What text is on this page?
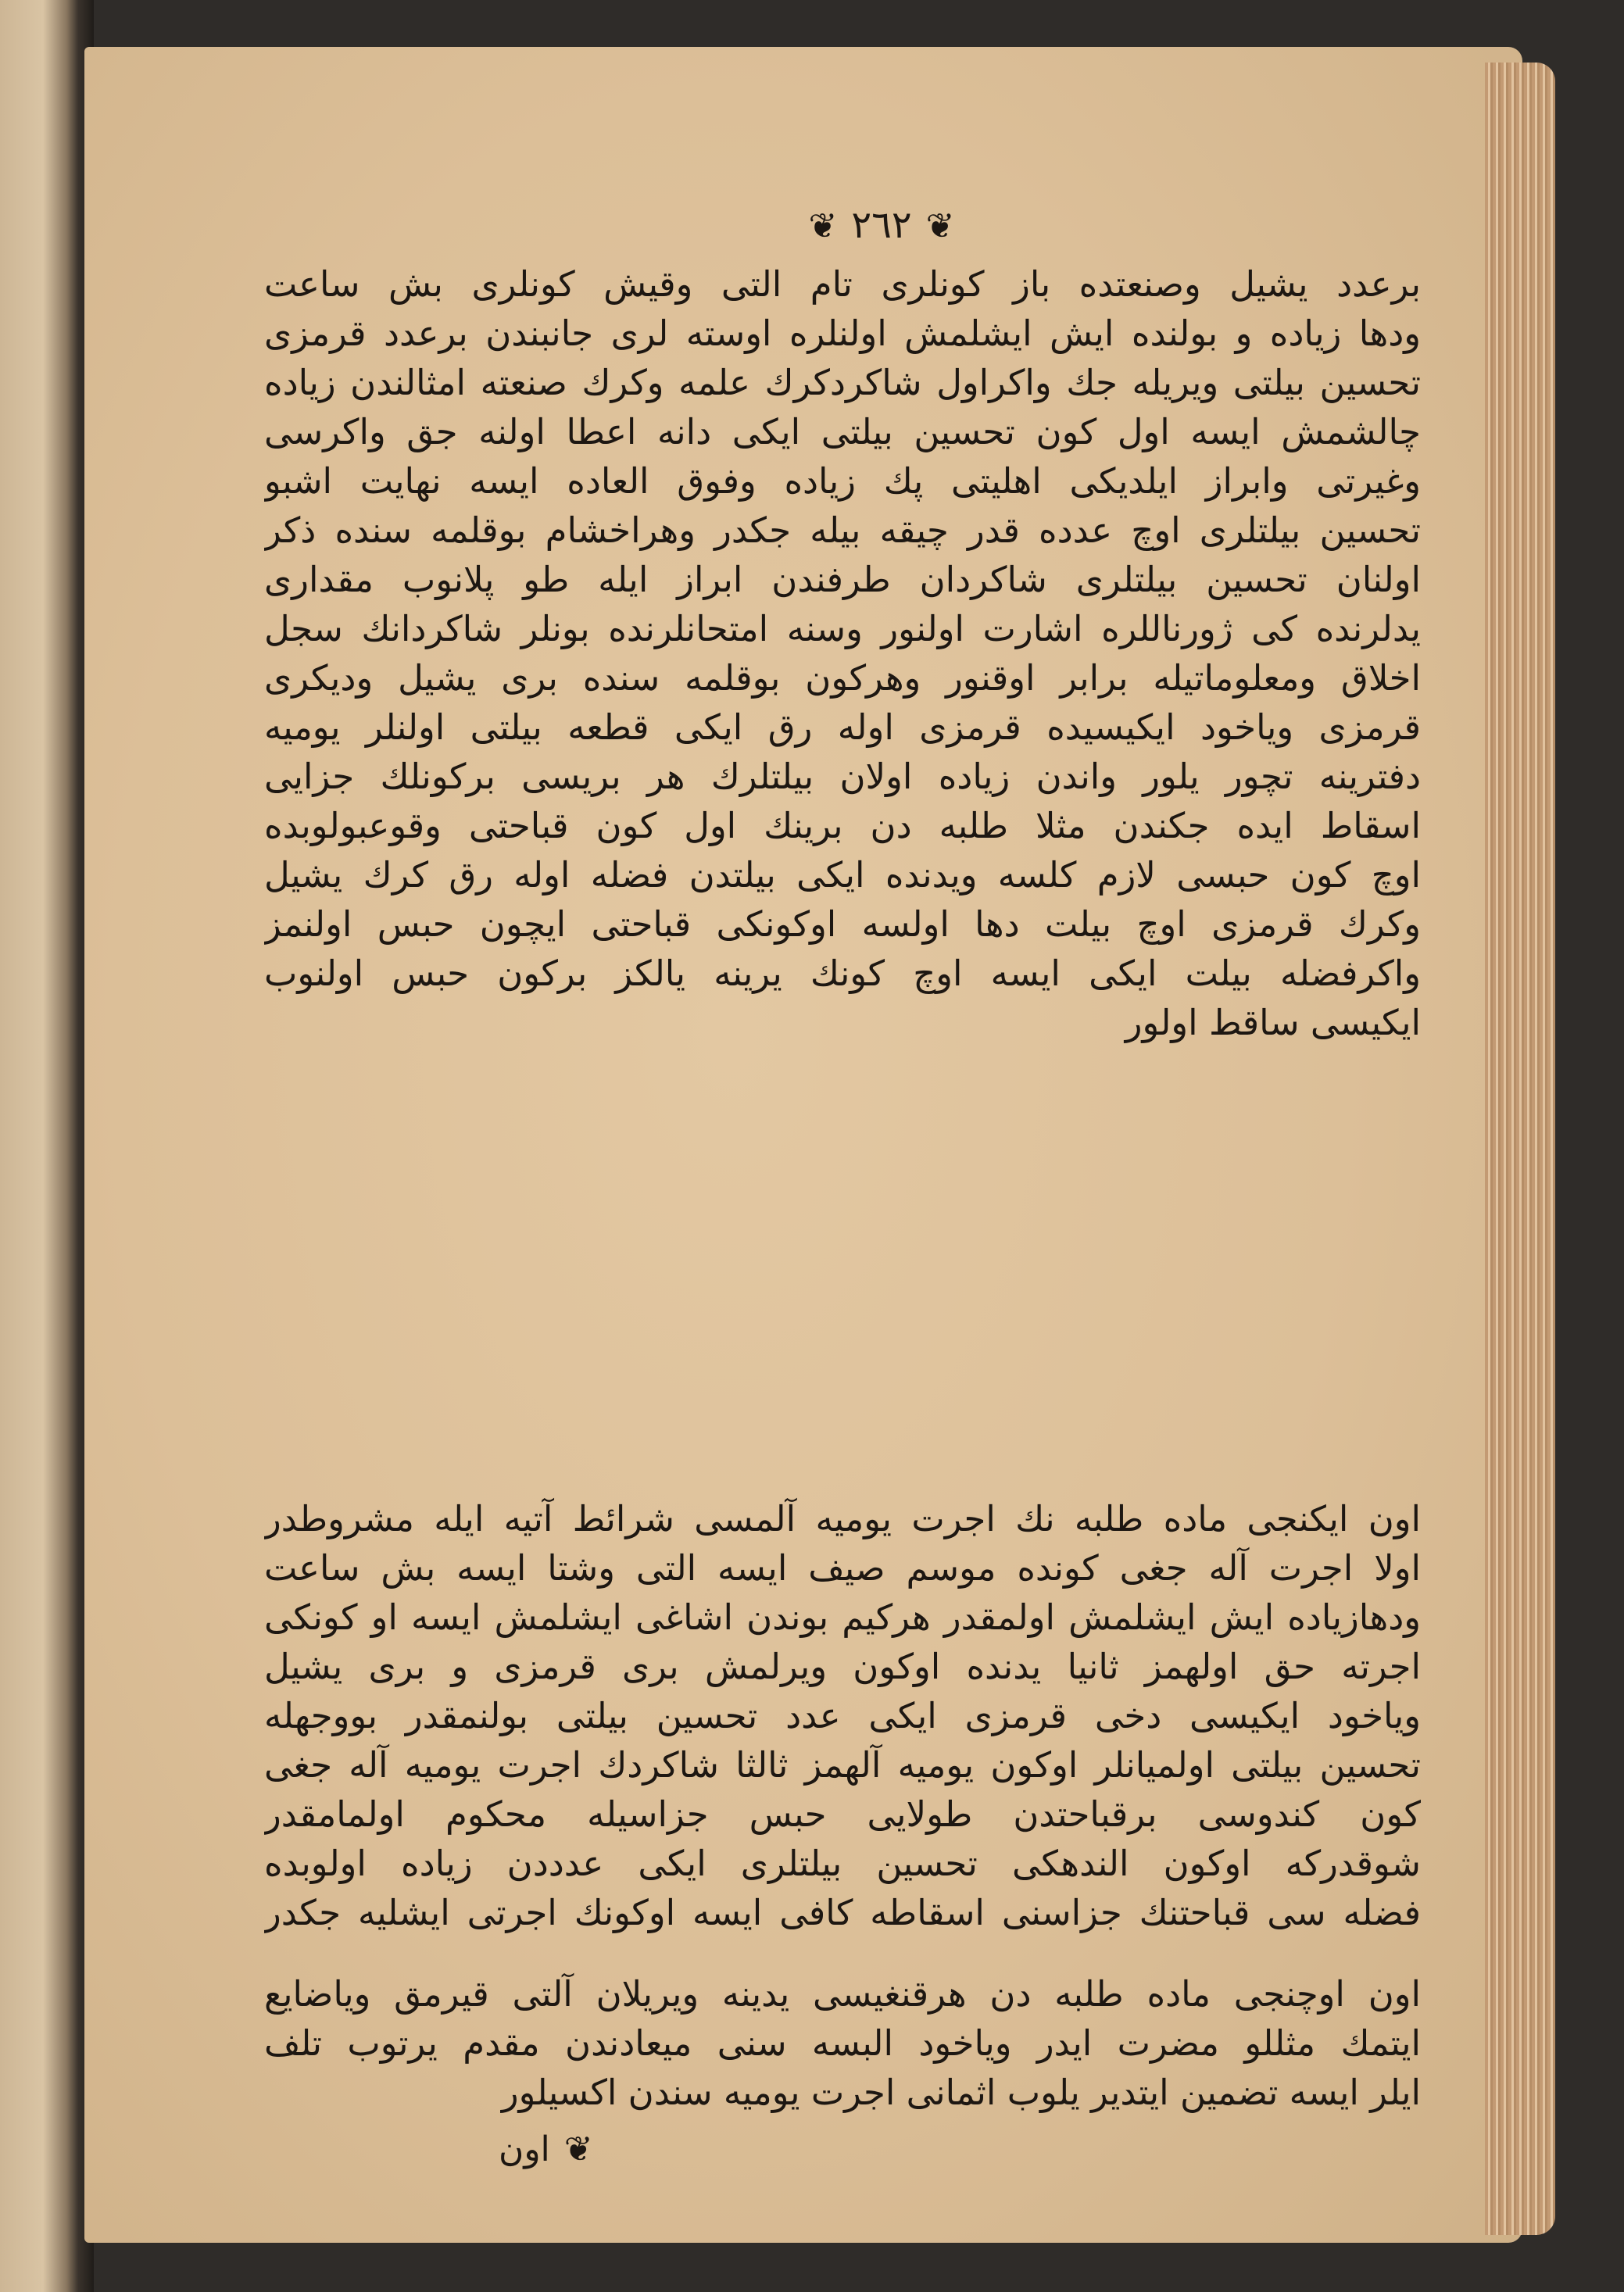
❦٢٦٢❦
برعدد يشيل وصنعتده باز كونلرى تام التى وقيش كونلرى بش ساعت
ودها زياده و بولنده ايش ايشلمش اولنلره اوسته لرى جانبندن برعدد قرمزى
تحسين بيلتى ويريله جك واكراول شاكردكرك علمه وكرك صنعته امثالندن زياده
چالشمش ايسه اول كون تحسين بيلتى ايكى دانه اعطا اولنه جق واكرسى
وغيرتى وابراز ايلديكى اهليتى پك زياده وفوق العاده ايسه نهايت اشبو
تحسين بيلتلرى اوچ عدده قدر چيقه بيله جكدر وهراخشام بوقلمه سنده ذكر
اولنان تحسين بيلتلرى شاكردان طرفندن ابراز ايله طو پلانوب مقدارى
يدلرنده كى ژورناللره اشارت اولنور وسنه امتحانلرنده بونلر شاكردانك سجل
اخلاق ومعلوماتيله برابر اوقنور وهركون بوقلمه سنده برى يشيل وديكرى
قرمزى وياخود ايكيسيده قرمزى اوله رق ايكى قطعه بيلتى اولنلر يوميه
دفترينه تچور يلور واندن زياده اولان بيلتلرك هر بريسى بركونلك جزايى
اسقاط ايده جكندن مثلا طلبه دن برينك اول كون قباحتى وقوعبولوبده
اوچ كون حبسى لازم كلسه ويدنده ايكى بيلتدن فضله اوله رق كرك يشيل
وكرك قرمزى اوچ بيلت دها اولسه اوكونكى قباحتى ايچون حبس اولنمز
واكرفضله بيلت ايكى ايسه اوچ كونك يرينه يالكز بركون حبس اولنوب
ايكيسى ساقط اولور
اون ايكنجى ماده طلبه نك اجرت يوميه آلمسى شرائط آتيه ايله مشروطدر
اولا اجرت آله جغى كونده موسم صيف ايسه التى وشتا ايسه بش ساعت
ودهازياده ايش ايشلمش اولمقدر هركيم بوندن اشاغى ايشلمش ايسه او كونكى
اجرته حق اولهمز ثانيا يدنده اوكون ويرلمش برى قرمزى و برى يشيل
وياخود ايكيسى دخى قرمزى ايكى عدد تحسين بيلتى بولنمقدر بووجهله
تحسين بيلتى اولميانلر اوكون يوميه آلهمز ثالثا شاكردك اجرت يوميه آله جغى
كون كندوسى برقباحتدن طولايى حبس جزاسيله محكوم اولمامقدر
شوقدركه اوكون الندهكى تحسين بيلتلرى ايكى عدددن زياده اولوبده
فضله سى قباحتنك جزاسنى اسقاطه كافى ايسه اوكونك اجرتى ايشليه جكدر
اون اوچنجى ماده طلبه دن هرقنغيسى يدينه ويريلان آلتى قيرمق وياضايع
ايتمك مثللو مضرت ايدر وياخود البسه سنى ميعادندن مقدم يرتوب تلف
ايلر ايسه تضمين ايتدير يلوب اثمانى اجرت يوميه سندن اكسيلور
❦اون
